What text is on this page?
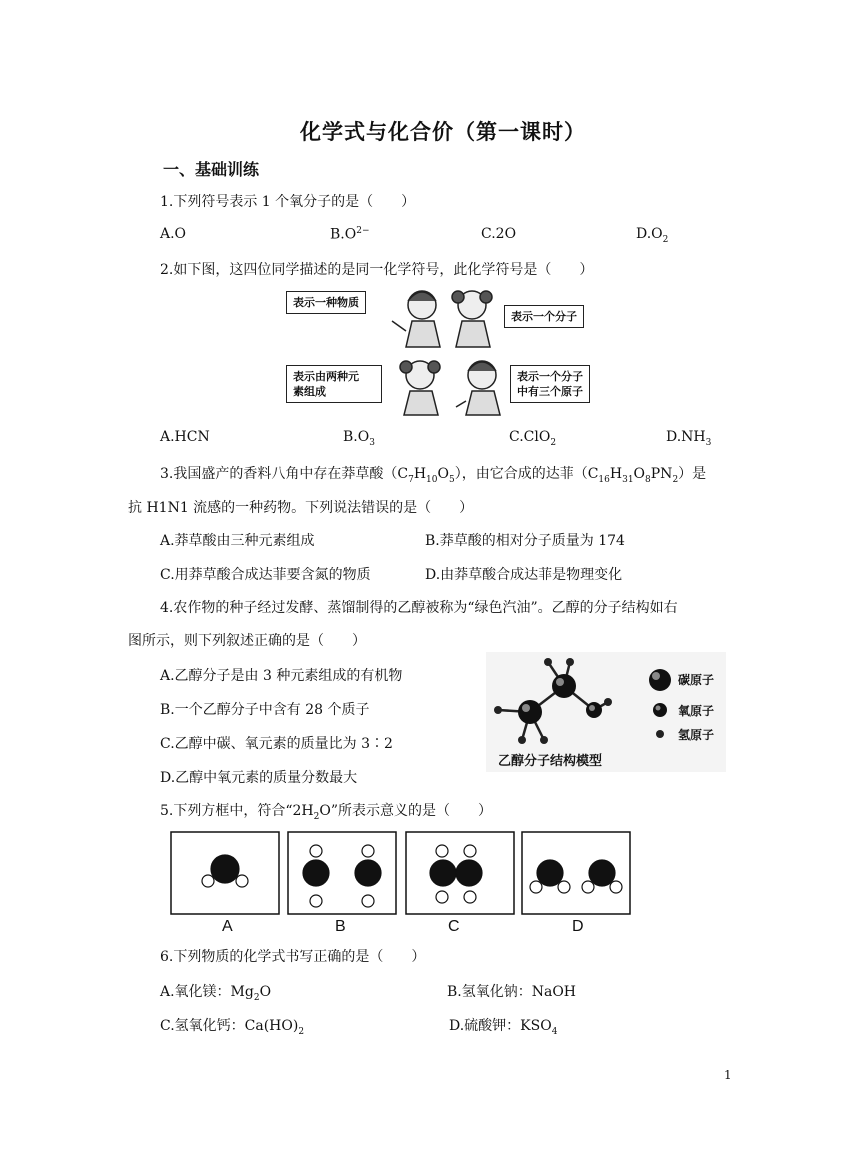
化学式与化合价（第一课时）
一、基础训练
1.下列符号表示 1 个氧分子的是（　　）
A.O	$B.O^{2-}$	C.2O	$D.O_2$
2.如下图，这四位同学描述的是同一化学符号，此化学符号是（　　）
表示一种物质
表示一个分子
表示由两种元
素组成
表示一个分子
中有三个原子
A.HCN	$B.O_3$	C.ClO$_2$	$D.NH_3$
3.我国盛产的香料八角中存在莽草酸$(C_7H_{10}O_5)$，由它合成的达菲$(C_{16}H_{31}O_8PN_2)$是
抗 H1N1 流感的一种药物。下列说法错误的是（　　）
A.莽草酸由三种元素组成	B.莽草酸的相对分子质量为 174
C.用莽草酸合成达菲要含氮的物质	D.由莽草酸合成达菲是物理变化
4.农作物的种子经过发酵、蒸馏制得的乙醇被称为“绿色汽油”。乙醇的分子结构如右
图所示，则下列叙述正确的是（　　）
A.乙醇分子是由 3 种元素组成的有机物
B.一个乙醇分子中含有 28 个质子
C.乙醇中碳、氧元素的质量比为 3∶2
D.乙醇中氧元素的质量分数最大
碳原子
氧原子
氢原子
乙醇分子结构模型
5.下列方框中，符合“$2H_2O$”所表示意义的是（　　）
A	B	C	D
6.下列物质的化学式书写正确的是（　　）
A.氧化镁：$Mg_2O$	B.氢氧化钠：NaOH
C.氢氧化钙：$Ca(HO)_2$	D.硫酸钾：$KSO_4$
1
